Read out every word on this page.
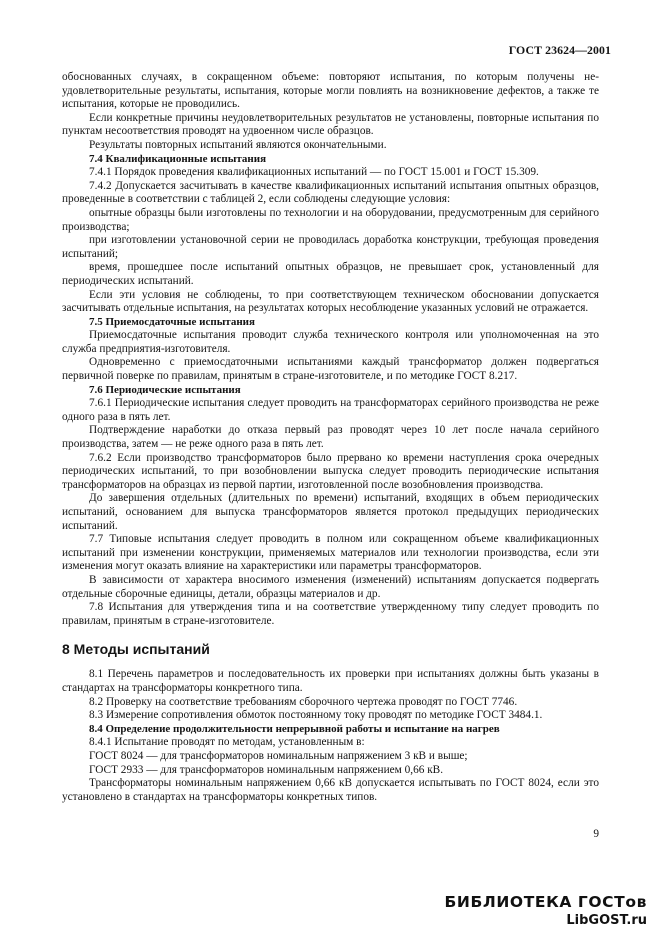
ГОСТ 23624—2001

обоснованных случаях, в сокращенном объеме: повторяют испытания, по которым получены неудовлетворительные результаты, испытания, которые могли повлиять на возникновение дефектов, а также те испытания, которые не проводились.

Если конкретные причины неудовлетворительных результатов не установлены, повторные испытания по пунктам несоответствия проводят на удвоенном числе образцов.

Результаты повторных испытаний являются окончательными.

7.4 Квалификационные испытания

7.4.1 Порядок проведения квалификационных испытаний — по ГОСТ 15.001 и ГОСТ 15.309.

7.4.2 Допускается засчитывать в качестве квалификационных испытаний испытания опытных образцов, проведенные в соответствии с таблицей 2, если соблюдены следующие условия:

опытные образцы были изготовлены по технологии и на оборудовании, предусмотренным для серийного производства;

при изготовлении установочной серии не проводилась доработка конструкции, требующая проведения испытаний;

время, прошедшее после испытаний опытных образцов, не превышает срок, установленный для периодических испытаний.

Если эти условия не соблюдены, то при соответствующем техническом обосновании допускается засчитывать отдельные испытания, на результатах которых несоблюдение указанных условий не отражается.

7.5 Приемосдаточные испытания

Приемосдаточные испытания проводит служба технического контроля или уполномоченная на это служба предприятия-изготовителя.

Одновременно с приемосдаточными испытаниями каждый трансформатор должен подвергаться первичной поверке по правилам, принятым в стране-изготовителе, и по методике ГОСТ 8.217.

7.6 Периодические испытания

7.6.1 Периодические испытания следует проводить на трансформаторах серийного производства не реже одного раза в пять лет.

Подтверждение наработки до отказа первый раз проводят через 10 лет после начала серийного производства, затем — не реже одного раза в пять лет.

7.6.2 Если производство трансформаторов было прервано ко времени наступления срока очередных периодических испытаний, то при возобновлении выпуска следует проводить периодические испытания трансформаторов на образцах из первой партии, изготовленной после возобновления производства.

До завершения отдельных (длительных по времени) испытаний, входящих в объем периодических испытаний, основанием для выпуска трансформаторов является протокол предыдущих периодических испытаний.

7.7 Типовые испытания следует проводить в полном или сокращенном объеме квалификационных испытаний при изменении конструкции, применяемых материалов или технологии производства, если эти изменения могут оказать влияние на характеристики или параметры трансформаторов.

В зависимости от характера вносимого изменения (изменений) испытаниям допускается подвергать отдельные сборочные единицы, детали, образцы материалов и др.

7.8 Испытания для утверждения типа и на соответствие утвержденному типу следует проводить по правилам, принятым в стране-изготовителе.

8 Методы испытаний

8.1 Перечень параметров и последовательность их проверки при испытаниях должны быть указаны в стандартах на трансформаторы конкретного типа.

8.2 Проверку на соответствие требованиям сборочного чертежа проводят по ГОСТ 7746.

8.3 Измерение сопротивления обмоток постоянному току проводят по методике ГОСТ 3484.1.

8.4 Определение продолжительности непрерывной работы и испытание на нагрев

8.4.1 Испытание проводят по методам, установленным в:

ГОСТ 8024 — для трансформаторов номинальным напряжением 3 кВ и выше;

ГОСТ 2933 — для трансформаторов номинальным напряжением 0,66 кВ.

Трансформаторы номинальным напряжением 0,66 кВ допускается испытывать по ГОСТ 8024, если это установлено в стандартах на трансформаторы конкретных типов.

9
БИБЛИОТЕКА ГОСТов
LibGOST.ru
